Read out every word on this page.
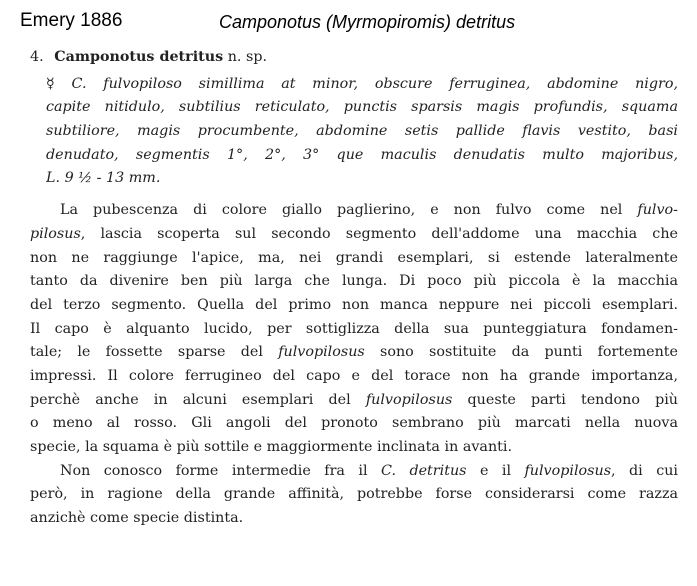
Emery 1886	Camponotus (Myrmopiromis) detritus
4. Camponotus detritus n. sp.
☿ C. fulvopiloso simillima at minor, obscure ferruginea, abdomine nigro,
capite nitidulo, subtilius reticulato, punctis sparsis magis profundis, squama
subtiliore, magis procumbente, abdomine setis pallide flavis vestito, basi
denudato, segmentis 1°, 2°, 3° que maculis denudatis multo majoribus,
L. 9 ½ - 13 mm.
La pubescenza di colore giallo paglierino, e non fulvo come nel fulvo-
pilosus, lascia scoperta sul secondo segmento dell'addome una macchia che
non ne raggiunge l'apice, ma, nei grandi esemplari, si estende lateralmente
tanto da divenire ben più larga che lunga. Di poco più piccola è la macchia
del terzo segmento. Quella del primo non manca neppure nei piccoli esemplari.
Il capo è alquanto lucido, per sottiglizza della sua punteggiatura fondamen-
tale; le fossette sparse del fulvopilosus sono sostituite da punti fortemente
impressi. Il colore ferrugineo del capo e del torace non ha grande importanza,
perchè anche in alcuni esemplari del fulvopilosus queste parti tendono più
o meno al rosso. Gli angoli del pronoto sembrano più marcati nella nuova
specie, la squama è più sottile e maggiormente inclinata in avanti.
Non conosco forme intermedie fra il C. detritus e il fulvopilosus, di cui
però, in ragione della grande affinità, potrebbe forse considerarsi come razza
anzichè come specie distinta.
